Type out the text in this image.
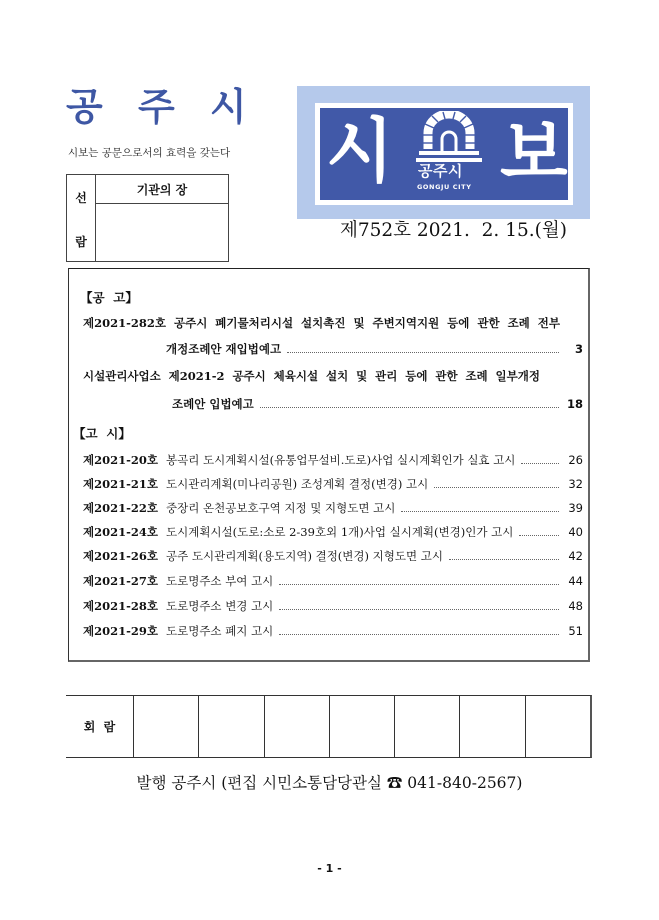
공 주 시
시보는 공문으로서의 효력을 갖는다
선
람
기관의 장	시 공주시
GONGJU CITY 보
제752호 2021.  2. 15.(월)
【공  고】
제2021-282호 공주시 폐기물처리시설 설치촉진 및 주변지역지원 등에 관한 조례 전부
개정조례안 재입법예고	3
시설관리사업소 제2021-2 공주시 체육시설 설치 및 관리 등에 관한 조례 일부개정
조례안 입법예고	18
【고  시】
제2021-20호 봉곡리 도시계획시설(유통업무설비.도로)사업 실시계획인가 실효 고시	26
제2021-21호 도시관리계획(미나리공원) 조성계획 결정(변경) 고시	32
제2021-22호 중장리 온천공보호구역 지정 및 지형도면 고시	39
제2021-24호 도시계획시설(도로:소로 2-39호외 1개)사업 실시계획(변경)인가 고시	40
제2021-26호 공주 도시관리계획(용도지역) 결정(변경) 지형도면 고시	42
제2021-27호 도로명주소 부여 고시	44
제2021-28호 도로명주소 변경 고시	48
제2021-29호 도로명주소 폐지 고시	51
회  람
발행 공주시 (편집 시민소통담당관실 ☎ 041-840-2567)
- 1 -
